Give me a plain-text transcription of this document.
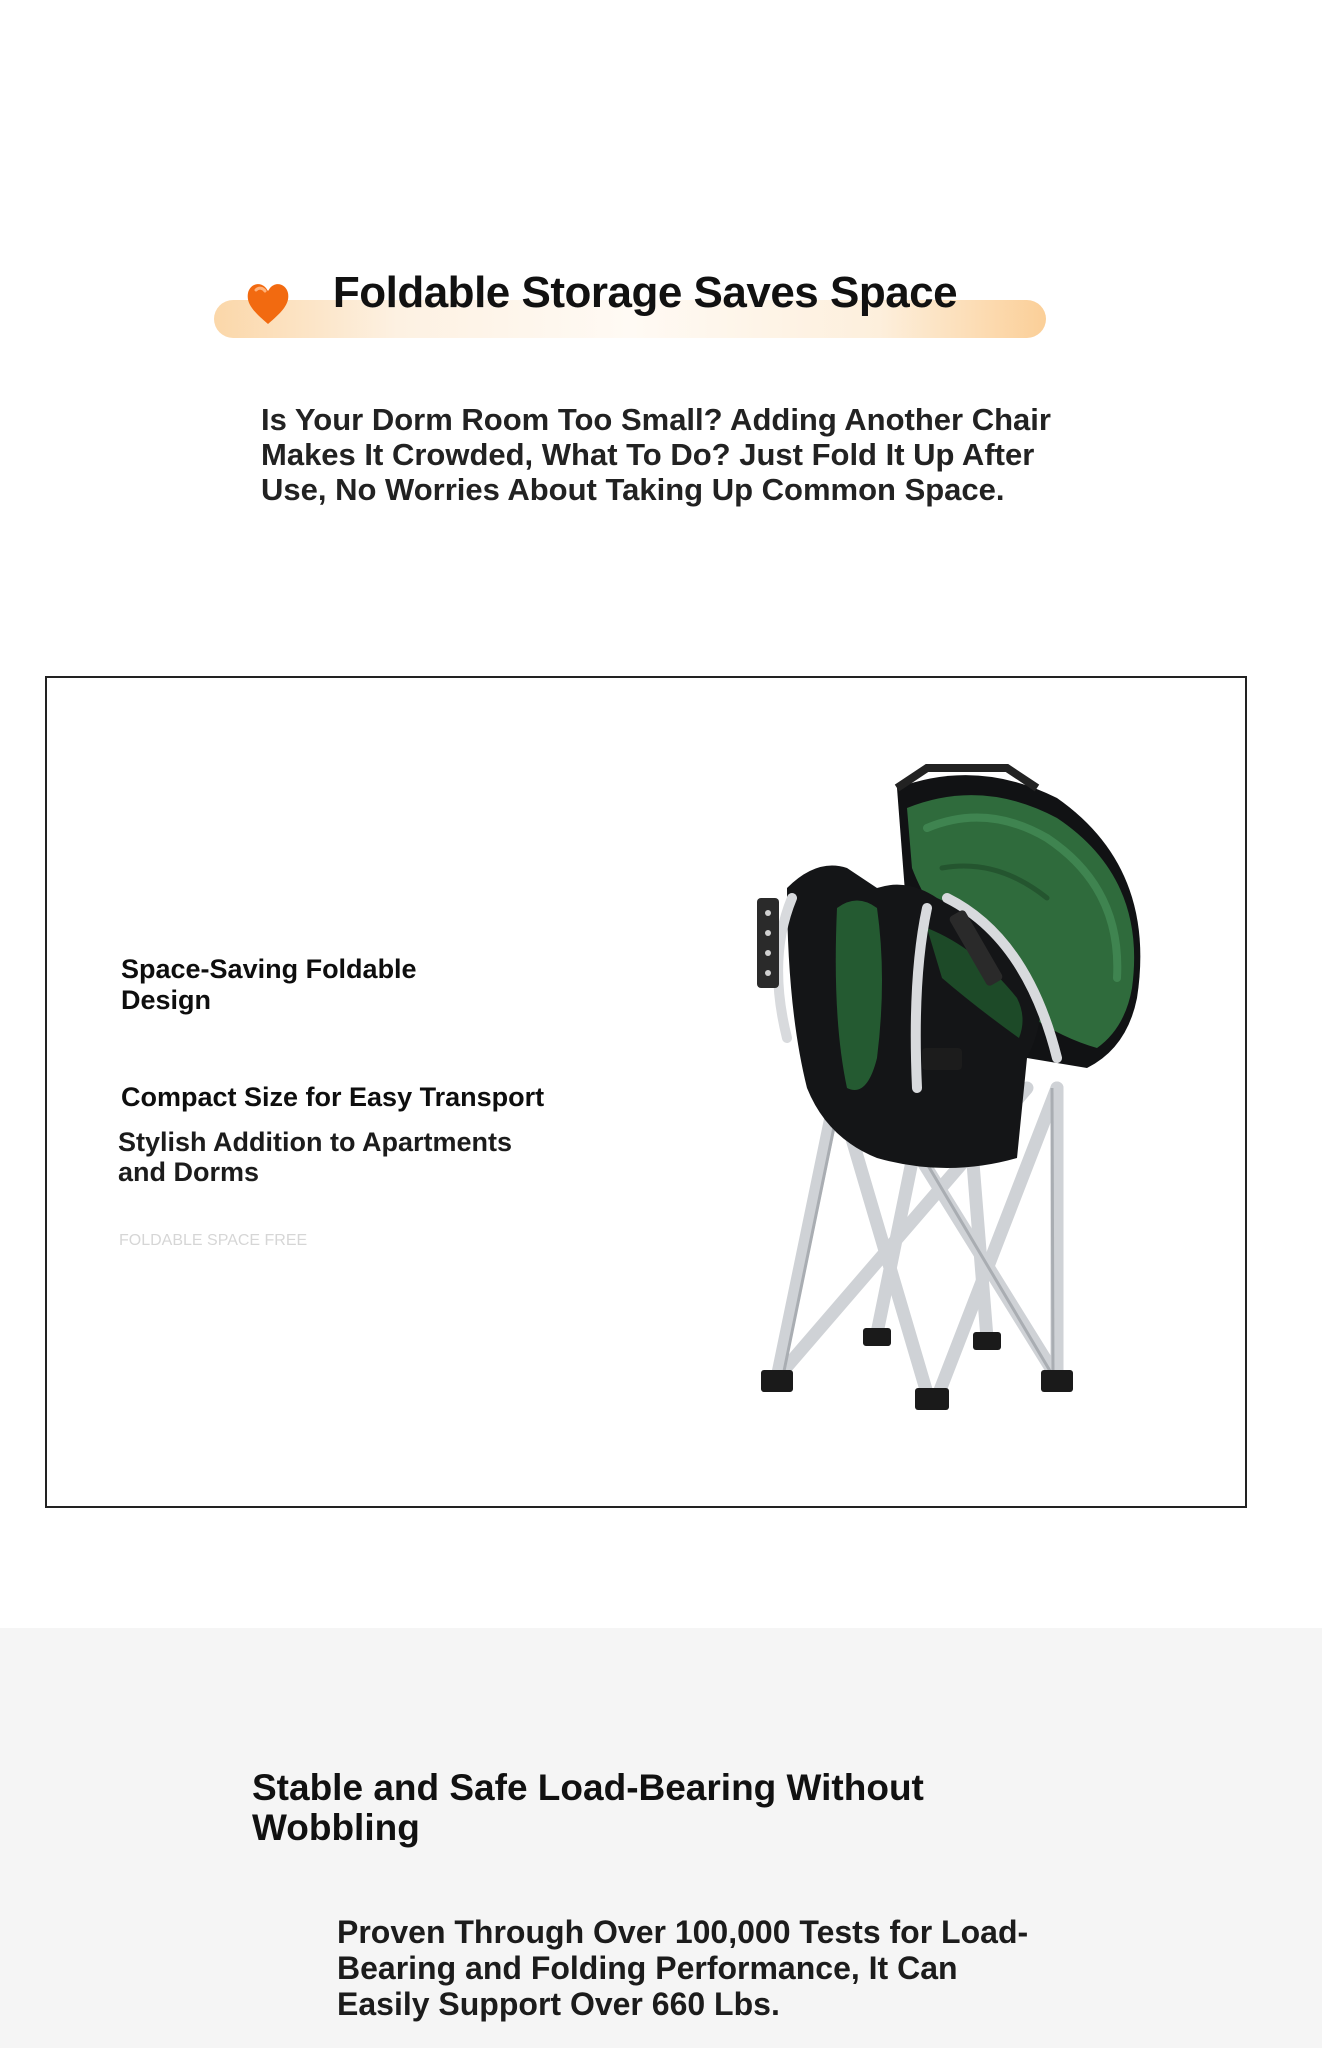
Foldable Storage Saves Space
Is Your Dorm Room Too Small? Adding Another Chair Makes It Crowded, What To Do? Just Fold It Up After Use, No Worries About Taking Up Common Space.
Space-Saving Foldable Design
Compact Size for Easy Transport
Stylish Addition to Apartments and Dorms
FOLDABLE SPACE FREE
Stable and Safe Load-Bearing Without Wobbling
Proven Through Over 100,000 Tests for Load-Bearing and Folding Performance, It Can Easily Support Over 660 Lbs.
